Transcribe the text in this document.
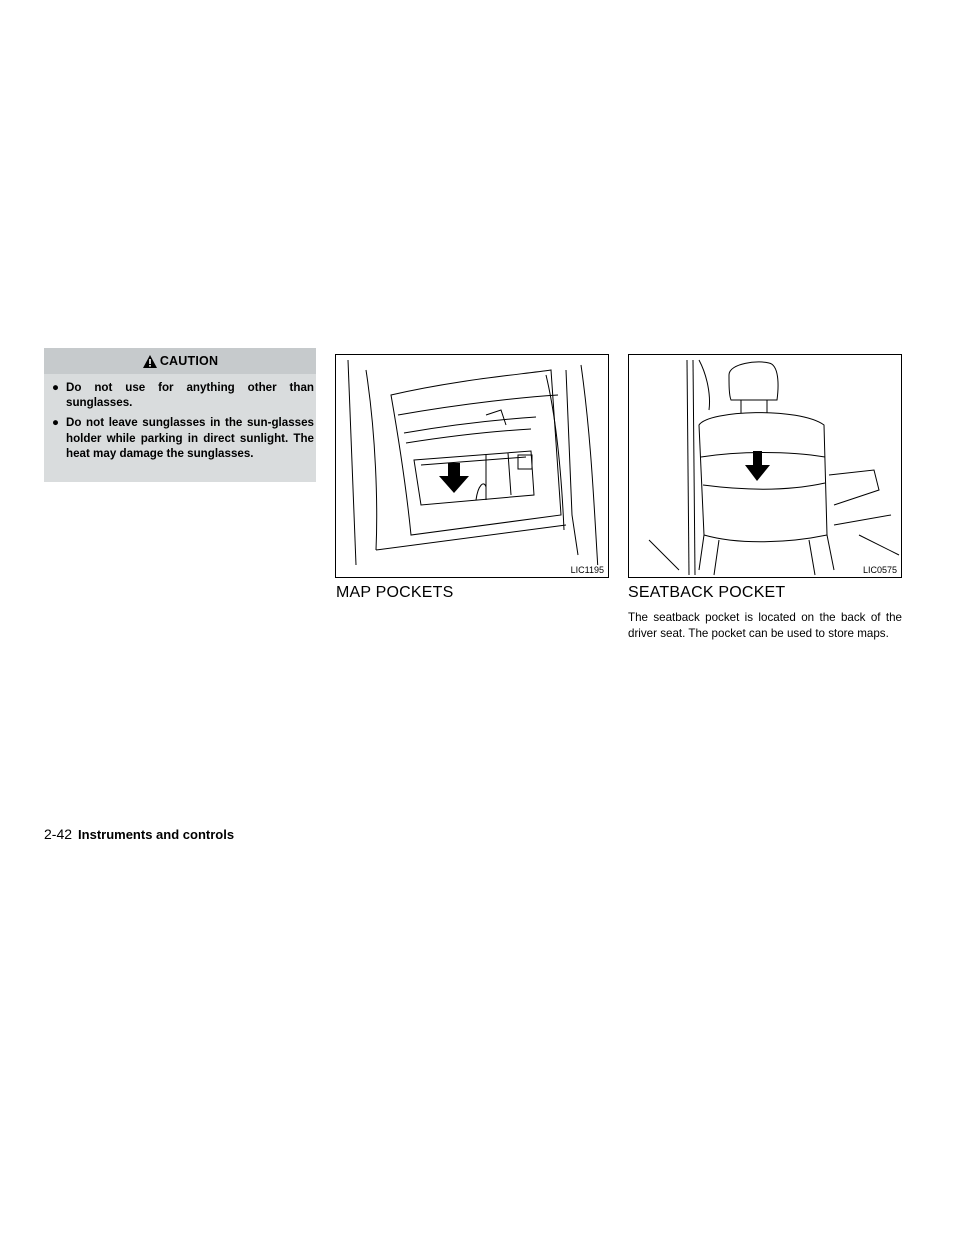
CAUTION
● Do not use for anything other than sunglasses.
● Do not leave sunglasses in the sun-glasses holder while parking in direct sunlight. The heat may damage the sunglasses.
LIC1195	LIC0575
MAP POCKETS	SEATBACK POCKET

The seatback pocket is located on the back of the driver seat. The pocket can be used to store maps.

2-42 Instruments and controls
